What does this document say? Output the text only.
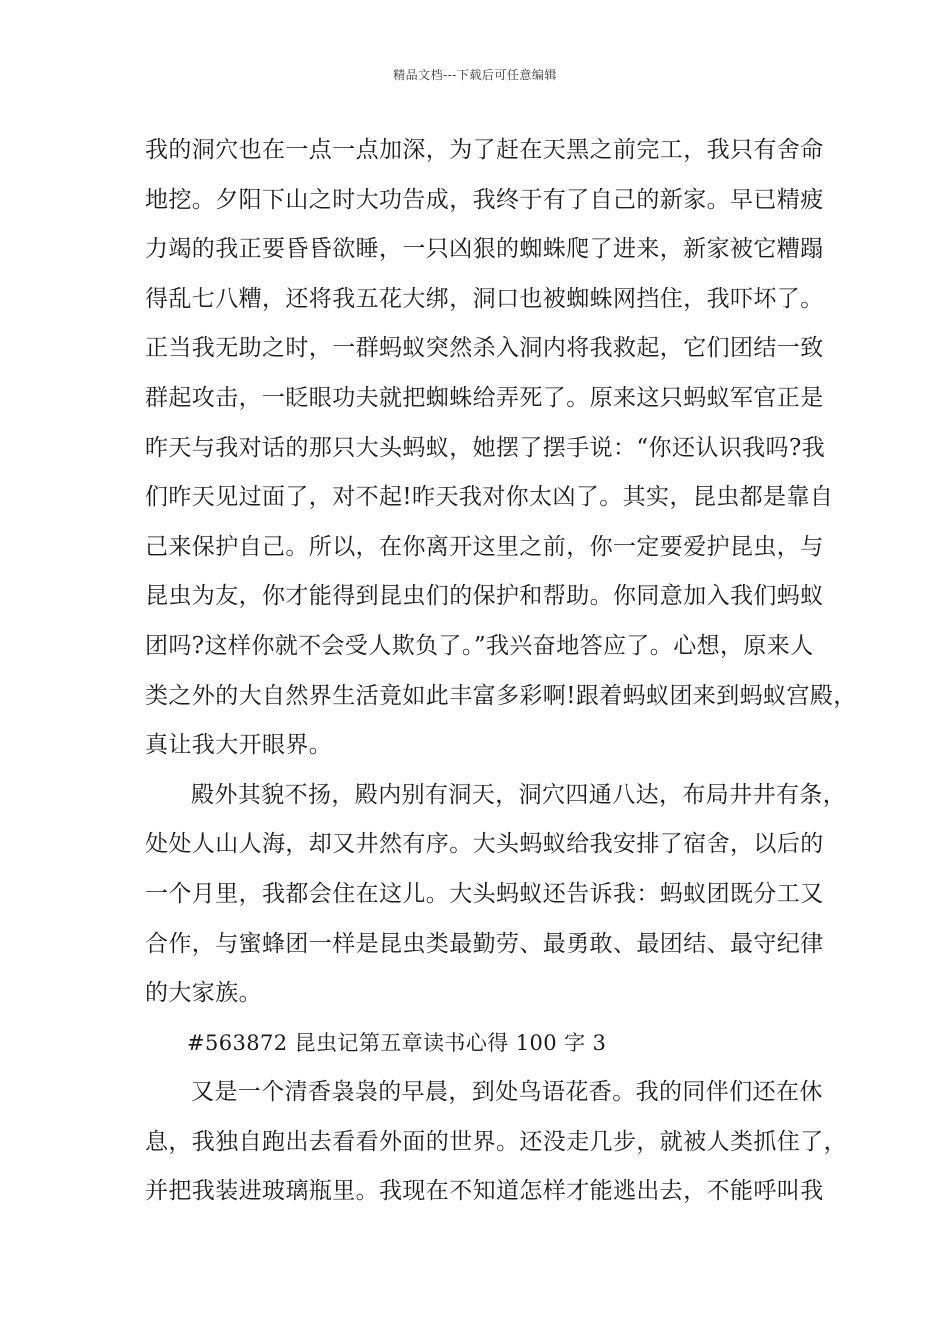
精品文档---下载后可任意编辑
我的洞穴也在一点一点加深，为了赶在天黑之前完工，我只有舍命
地挖。夕阳下山之时大功告成，我终于有了自己的新家。早已精疲
力竭的我正要昏昏欲睡，一只凶狠的蜘蛛爬了进来，新家被它糟蹋
得乱七八糟，还将我五花大绑，洞口也被蜘蛛网挡住，我吓坏了。
正当我无助之时，一群蚂蚁突然杀入洞内将我救起，它们团结一致
群起攻击，一眨眼功夫就把蜘蛛给弄死了。原来这只蚂蚁军官正是
昨天与我对话的那只大头蚂蚁，她摆了摆手说：“你还认识我吗?我
们昨天见过面了，对不起!昨天我对你太凶了。其实，昆虫都是靠自
己来保护自己。所以，在你离开这里之前，你一定要爱护昆虫，与
昆虫为友，你才能得到昆虫们的保护和帮助。你同意加入我们蚂蚁
团吗?这样你就不会受人欺负了。”我兴奋地答应了。心想，原来人
类之外的大自然界生活竟如此丰富多彩啊!跟着蚂蚁团来到蚂蚁宫殿，
真让我大开眼界。
殿外其貌不扬，殿内别有洞天，洞穴四通八达，布局井井有条，
处处人山人海，却又井然有序。大头蚂蚁给我安排了宿舍，以后的
一个月里，我都会住在这儿。大头蚂蚁还告诉我：蚂蚁团既分工又
合作，与蜜蜂团一样是昆虫类最勤劳、最勇敢、最团结、最守纪律
的大家族。
#563872 昆虫记第五章读书心得 100 字 3
又是一个清香袅袅的早晨，到处鸟语花香。我的同伴们还在休
息，我独自跑出去看看外面的世界。还没走几步，就被人类抓住了，
并把我装进玻璃瓶里。我现在不知道怎样才能逃出去，不能呼叫我
